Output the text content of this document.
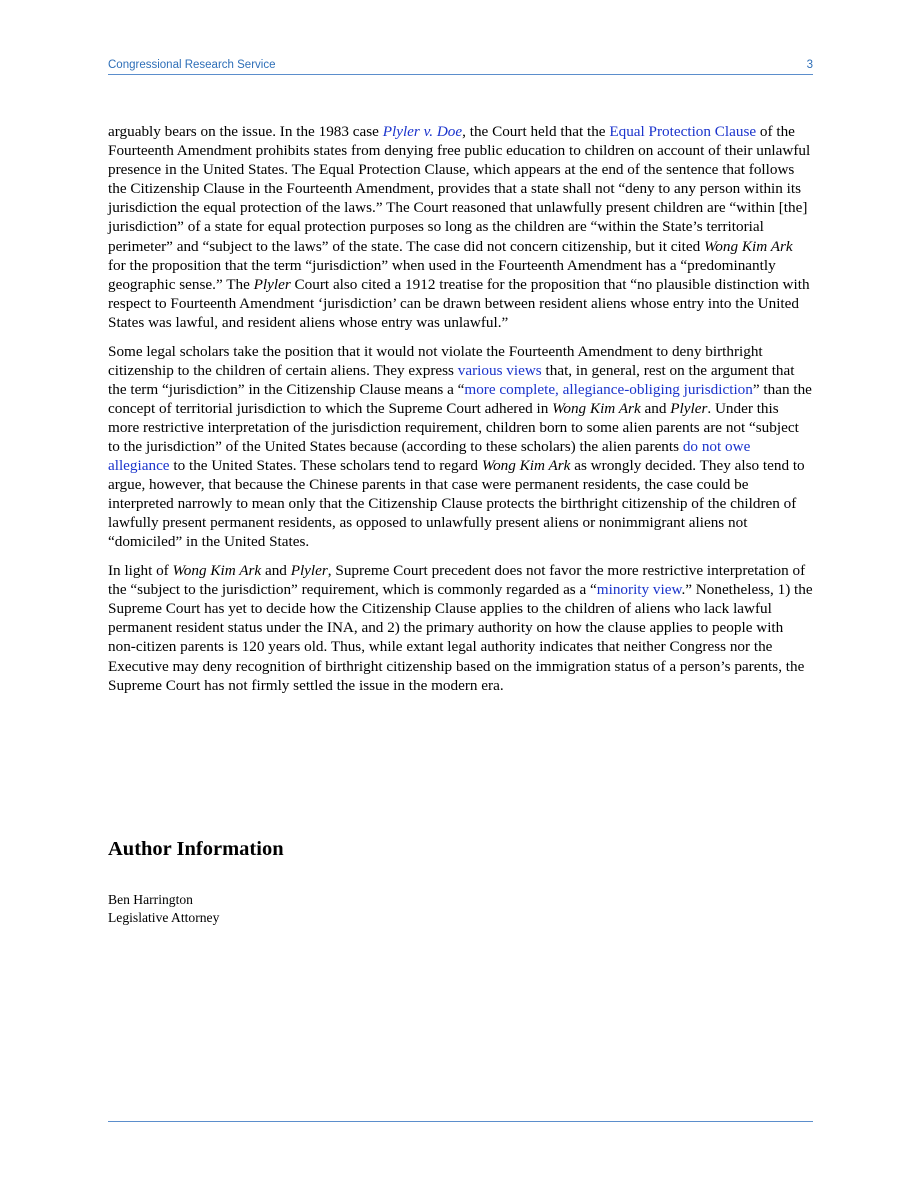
Congressional Research Service	3

arguably bears on the issue. In the 1983 case Plyler v. Doe, the Court held that the Equal Protection Clause of the Fourteenth Amendment prohibits states from denying free public education to children on account of their unlawful presence in the United States. The Equal Protection Clause, which appears at the end of the sentence that follows the Citizenship Clause in the Fourteenth Amendment, provides that a state shall not “deny to any person within its jurisdiction the equal protection of the laws.” The Court reasoned that unlawfully present children are “within [the] jurisdiction” of a state for equal protection purposes so long as the children are “within the State’s territorial perimeter” and “subject to the laws” of the state. The case did not concern citizenship, but it cited Wong Kim Ark for the proposition that the term “jurisdiction” when used in the Fourteenth Amendment has a “predominantly geographic sense.” The Plyler Court also cited a 1912 treatise for the proposition that “no plausible distinction with respect to Fourteenth Amendment ‘jurisdiction’ can be drawn between resident aliens whose entry into the United States was lawful, and resident aliens whose entry was unlawful.”

Some legal scholars take the position that it would not violate the Fourteenth Amendment to deny birthright citizenship to the children of certain aliens. They express various views that, in general, rest on the argument that the term “jurisdiction” in the Citizenship Clause means a “more complete, allegiance-obliging jurisdiction” than the concept of territorial jurisdiction to which the Supreme Court adhered in Wong Kim Ark and Plyler. Under this more restrictive interpretation of the jurisdiction requirement, children born to some alien parents are not “subject to the jurisdiction” of the United States because (according to these scholars) the alien parents do not owe allegiance to the United States. These scholars tend to regard Wong Kim Ark as wrongly decided. They also tend to argue, however, that because the Chinese parents in that case were permanent residents, the case could be interpreted narrowly to mean only that the Citizenship Clause protects the birthright citizenship of the children of lawfully present permanent residents, as opposed to unlawfully present aliens or nonimmigrant aliens not “domiciled” in the United States.

In light of Wong Kim Ark and Plyler, Supreme Court precedent does not favor the more restrictive interpretation of the “subject to the jurisdiction” requirement, which is commonly regarded as a “minority view.” Nonetheless, 1) the Supreme Court has yet to decide how the Citizenship Clause applies to the children of aliens who lack lawful permanent resident status under the INA, and 2) the primary authority on how the clause applies to people with non-citizen parents is 120 years old. Thus, while extant legal authority indicates that neither Congress nor the Executive may deny recognition of birthright citizenship based on the immigration status of a person’s parents, the Supreme Court has not firmly settled the issue in the modern era.

Author Information
Ben Harrington
Legislative Attorney
